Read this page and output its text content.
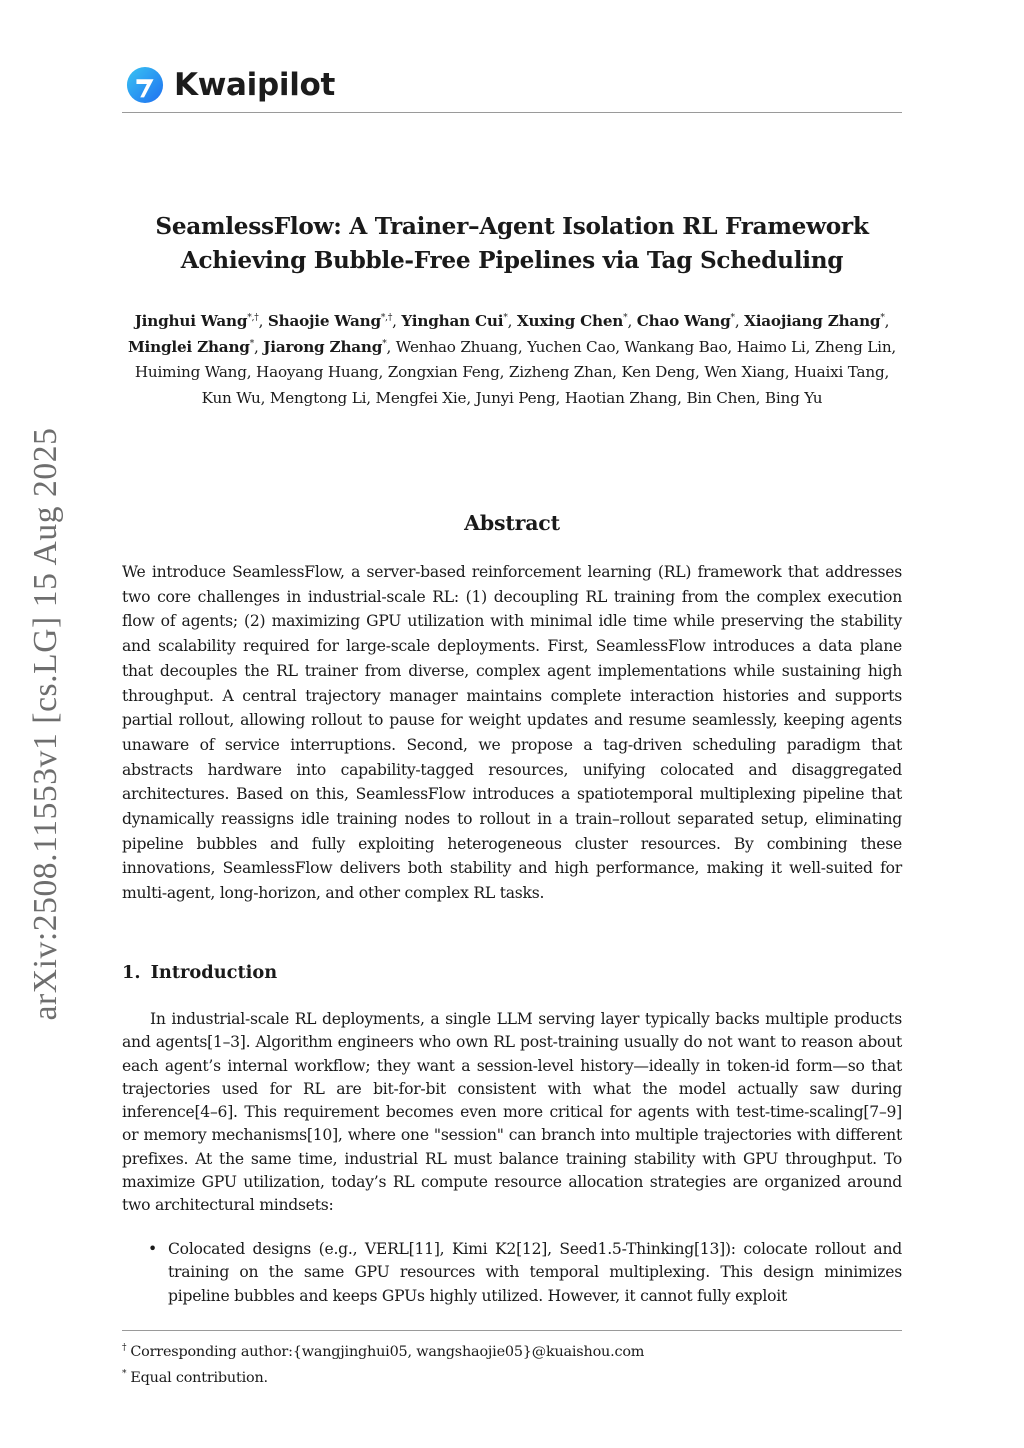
Kwaipilot
arXiv:2508.11553v1 [cs.LG] 15 Aug 2025
SeamlessFlow: A Trainer–Agent Isolation RL Framework
Achieving Bubble-Free Pipelines via Tag Scheduling
Jinghui Wang*,†, Shaojie Wang*,†, Yinghan Cui*, Xuxing Chen*, Chao Wang*, Xiaojiang Zhang*, Minglei Zhang*, Jiarong Zhang*, Wenhao Zhuang, Yuchen Cao, Wankang Bao, Haimo Li, Zheng Lin, Huiming Wang, Haoyang Huang, Zongxian Feng, Zizheng Zhan, Ken Deng, Wen Xiang, Huaixi Tang, Kun Wu, Mengtong Li, Mengfei Xie, Junyi Peng, Haotian Zhang, Bin Chen, Bing Yu
Abstract

We introduce SeamlessFlow, a server-based reinforcement learning (RL) framework that addresses two core challenges in industrial-scale RL: (1) decoupling RL training from the complex execution flow of agents; (2) maximizing GPU utilization with minimal idle time while preserving the stability and scalability required for large-scale deployments. First, SeamlessFlow introduces a data plane that decouples the RL trainer from diverse, complex agent implementations while sustaining high throughput. A central trajectory manager maintains complete interaction histories and supports partial rollout, allowing rollout to pause for weight updates and resume seamlessly, keeping agents unaware of service interruptions. Second, we propose a tag-driven scheduling paradigm that abstracts hardware into capability-tagged resources, unifying colocated and disaggregated architectures. Based on this, SeamlessFlow introduces a spatiotemporal multiplexing pipeline that dynamically reassigns idle training nodes to rollout in a train–rollout separated setup, eliminating pipeline bubbles and fully exploiting heterogeneous cluster resources. By combining these innovations, SeamlessFlow delivers both stability and high performance, making it well-suited for multi-agent, long-horizon, and other complex RL tasks.

1. Introduction

In industrial-scale RL deployments, a single LLM serving layer typically backs multiple products and agents[1–3]. Algorithm engineers who own RL post-training usually do not want to reason about each agent’s internal workflow; they want a session-level history—ideally in token-id form—so that trajectories used for RL are bit-for-bit consistent with what the model actually saw during inference[4–6]. This requirement becomes even more critical for agents with test-time-scaling[7–9] or memory mechanisms[10], where one "session" can branch into multiple trajectories with different prefixes. At the same time, industrial RL must balance training stability with GPU throughput. To maximize GPU utilization, today’s RL compute resource allocation strategies are organized around two architectural mindsets:

• Colocated designs (e.g., VERL[11], Kimi K2[12], Seed1.5-Thinking[13]): colocate rollout and training on the same GPU resources with temporal multiplexing. This design minimizes pipeline bubbles and keeps GPUs highly utilized. However, it cannot fully exploit
† Corresponding author:{wangjinghui05, wangshaojie05}@kuaishou.com
* Equal contribution.
